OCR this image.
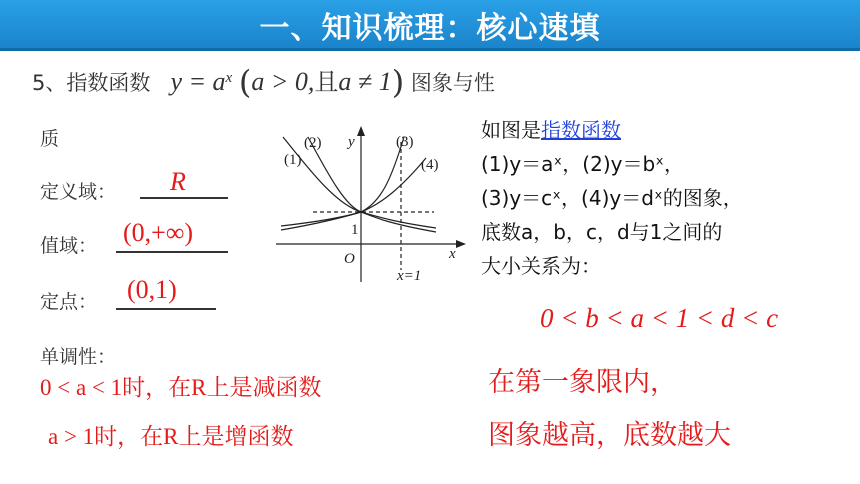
一、知识梳理：核心速填
5、指数函数 $y = a^x$ (a > 0,且a ≠ 1) 图象与性
质
定义域： R
值域： (0,+∞)
定点： (0,1)
单调性：
0 < a < 1时，在R上是减函数
a > 1时，在R上是增函数
(1)
(2)	(3)
(4)
y
x
O
1
x=1
如图是指数函数
(1)y＝aˣ，(2)y＝bˣ，
(3)y＝cˣ，(4)y＝dˣ的图象，
底数a，b，c，d与1之间的
大小关系为：
0 < b < a < 1 < d < c
在第一象限内，
图象越高，底数越大
